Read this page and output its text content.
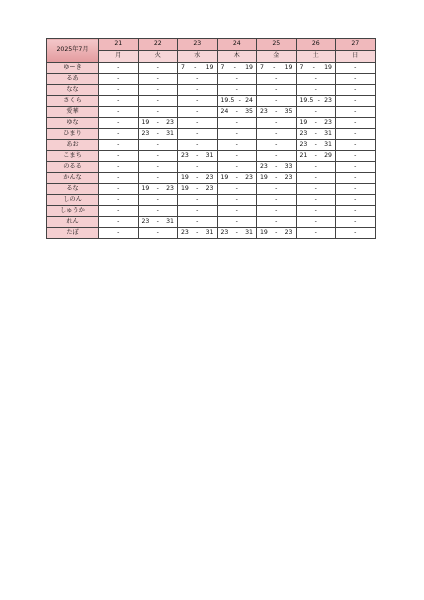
2025年7月	21	22	23	24	25	26	27
	月	火	水	木	金	土	日
ゆーき	-	-	7 - 19	7 - 19	7 - 19	7 - 19	-
るあ	-	-	-	-	-	-	-
なな	-	-	-	-	-	-	-
さくら	-	-	-	19.5 - 24	-	19.5 - 23	-
愛華	-	-	-	24 - 35	23 - 35	-	-
ゆな	-	19 - 23	-	-	-	19 - 23	-
ひまり	-	23 - 31	-	-	-	23 - 31	-
あお	-	-	-	-	-	23 - 31	-
こまち	-	-	23 - 31	-	-	21 - 29	-
のるる	-	-	-	-	23 - 33	-	-
かんな	-	-	19 - 23	19 - 23	19 - 23	-	-
るな	-	19 - 23	19 - 23	-	-	-	-
しのん	-	-	-	-	-	-	-
しゅうか	-	-	-	-	-	-	-
れん	-	23 - 31	-	-	-	-	-
たぽ	-	-	23 - 31	23 - 31	19 - 23	-	-
